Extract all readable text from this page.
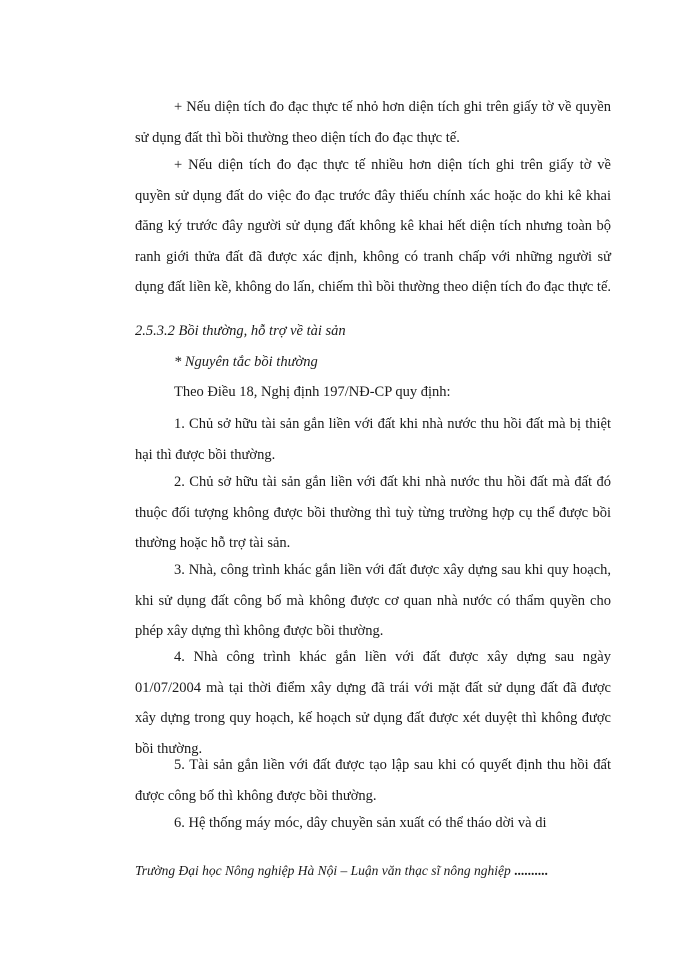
+ Nếu diện tích đo đạc thực tế nhỏ hơn diện tích ghi trên giấy tờ về quyền sử dụng đất thì bồi thường theo diện tích đo đạc thực tế.

+ Nếu diện tích đo đạc thực tế nhiều hơn diện tích ghi trên giấy tờ về quyền sử dụng đất do việc đo đạc trước đây thiếu chính xác hoặc do khi kê khai đăng ký trước đây người sử dụng đất không kê khai hết diện tích nhưng toàn bộ ranh giới thửa đất đã được xác định, không có tranh chấp với những người sử dụng đất liền kề, không do lấn, chiếm thì bồi thường theo diện tích đo đạc thực tế.

2.5.3.2 Bồi thường, hỗ trợ về tài sản

* Nguyên tắc bồi thường

Theo Điều 18, Nghị định 197/NĐ-CP quy định:

1. Chủ sở hữu tài sản gắn liền với đất khi nhà nước thu hồi đất mà bị thiệt hại thì được bồi thường.

2. Chủ sở hữu tài sản gắn liền với đất khi nhà nước thu hồi đất mà đất đó thuộc đối tượng không được bồi thường thì tuỳ từng trường hợp cụ thể được bồi thường hoặc hỗ trợ tài sản.

3. Nhà, công trình khác gắn liền với đất được xây dựng sau khi quy hoạch, khi sử dụng đất công bố mà không được cơ quan nhà nước có thẩm quyền cho phép xây dựng thì không được bồi thường.

4. Nhà công trình khác gắn liền với đất được xây dựng sau ngày 01/07/2004 mà tại thời điểm xây dựng đã trái với mặt đất sử dụng đất đã được xây dựng trong quy hoạch, kế hoạch sử dụng đất được xét duyệt thì không được bồi thường.

5. Tài sản gắn liền với đất được tạo lập sau khi có quyết định thu hồi đất được công bố thì không được bồi thường.

6. Hệ thống máy móc, dây chuyền sản xuất có thể tháo dời và di

Trường Đại học Nông nghiệp Hà Nội – Luận văn thạc sĩ nông nghiệp ..........
